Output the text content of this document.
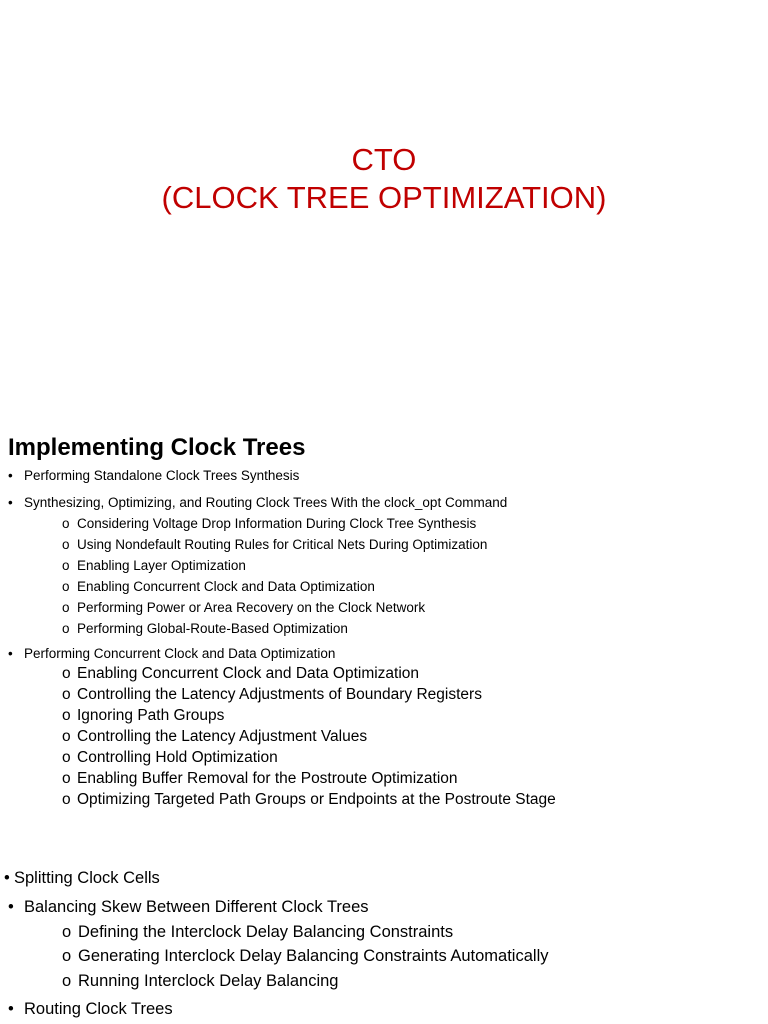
CTO
(CLOCK TREE OPTIMIZATION)
Implementing Clock Trees
• Performing Standalone Clock Trees Synthesis
• Synthesizing, Optimizing, and Routing Clock Trees With the clock_opt Command
o Considering Voltage Drop Information During Clock Tree Synthesis
o Using Nondefault Routing Rules for Critical Nets During Optimization
o Enabling Layer Optimization
o Enabling Concurrent Clock and Data Optimization
o Performing Power or Area Recovery on the Clock Network
o Performing Global-Route-Based Optimization
• Performing Concurrent Clock and Data Optimization
o Enabling Concurrent Clock and Data Optimization
o Controlling the Latency Adjustments of Boundary Registers
o Ignoring Path Groups
o Controlling the Latency Adjustment Values
o Controlling Hold Optimization
o Enabling Buffer Removal for the Postroute Optimization
o Optimizing Targeted Path Groups or Endpoints at the Postroute Stage
• Splitting Clock Cells
• Balancing Skew Between Different Clock Trees
o Defining the Interclock Delay Balancing Constraints
o Generating Interclock Delay Balancing Constraints Automatically
o Running Interclock Delay Balancing
• Routing Clock Trees
